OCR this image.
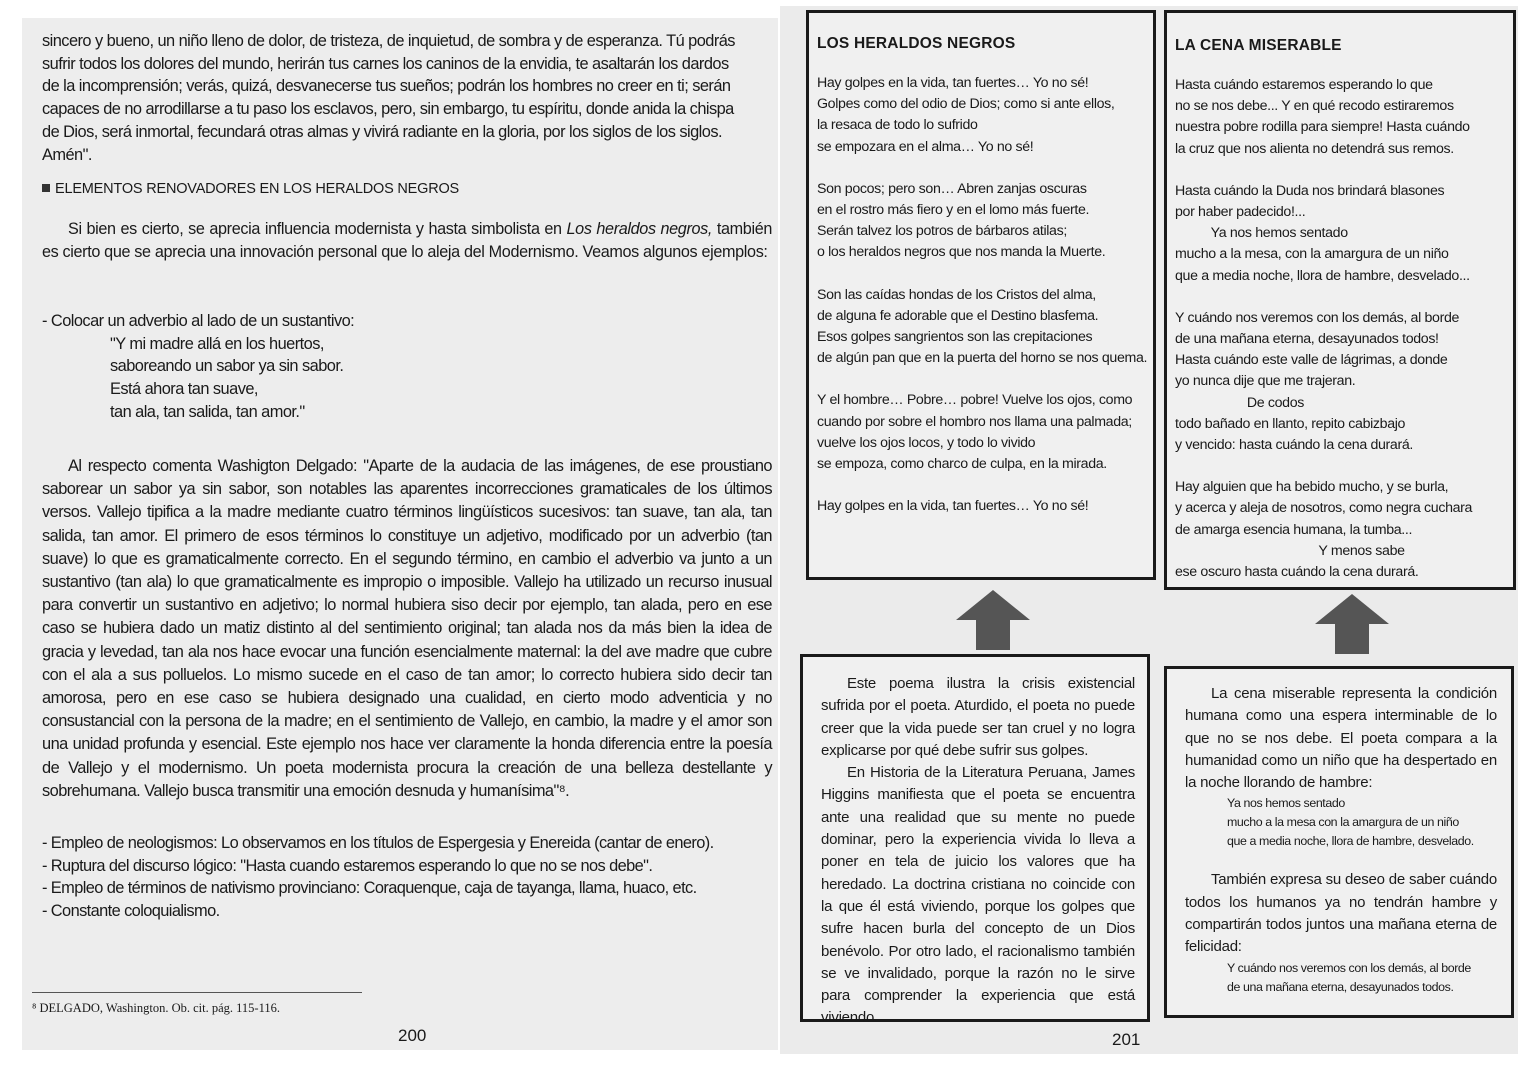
sincero y bueno, un niño lleno de dolor, de tristeza, de inquietud, de sombra y de esperanza. Tú podrás

sufrir todos los dolores del mundo, herirán tus carnes los caninos de la envidia, te asaltarán los dardos

de la incomprensión; verás, quizá, desvanecerse tus sueños; podrán los hombres no creer en ti; serán

capaces de no arrodillarse a tu paso los esclavos, pero, sin embargo, tu espíritu, donde anida la chispa

de Dios, será inmortal, fecundará otras almas y vivirá radiante en la gloria, por los siglos de los siglos.

Amén".

ELEMENTOS RENOVADORES EN LOS HERALDOS NEGROS

Si bien es cierto, se aprecia influencia modernista y hasta simbolista en Los heraldos negros, también es cierto que se aprecia una innovación personal que lo aleja del Modernismo. Veamos algunos ejemplos:

- Colocar un adverbio al lado de un sustantivo:

"Y mi madre allá en los huertos,

saboreando un sabor ya sin sabor.

Está ahora tan suave,

tan ala, tan salida, tan amor."

Al respecto comenta Washigton Delgado: "Aparte de la audacia de las imágenes, de ese proustiano saborear un sabor ya sin sabor, son notables las aparentes incorrecciones gramaticales de los últimos versos. Vallejo tipifica a la madre mediante cuatro términos lingüísticos sucesivos: tan suave, tan ala, tan salida, tan amor. El primero de esos términos lo constituye un adjetivo, modificado por un adverbio (tan suave) lo que es gramaticalmente correcto. En el segundo término, en cambio el adverbio va junto a un sustantivo (tan ala) lo que gramaticalmente es impropio o imposible. Vallejo ha utilizado un recurso inusual para convertir un sustantivo en adjetivo; lo normal hubiera siso decir por ejemplo, tan alada, pero en ese caso se hubiera dado un matiz distinto al del sentimiento original; tan alada nos da más bien la idea de gracia y levedad, tan ala nos hace evocar una función esencialmente maternal: la del ave madre que cubre con el ala a sus polluelos. Lo mismo sucede en el caso de tan amor; lo correcto hubiera sido decir tan amorosa, pero en ese caso se hubiera designado una cualidad, en cierto modo adventicia y no consustancial con la persona de la madre; en el sentimiento de Vallejo, en cambio, la madre y el amor son una unidad profunda y esencial. Este ejemplo nos hace ver claramente la honda diferencia entre la poesía de Vallejo y el modernismo. Un poeta modernista procura la creación de una belleza destellante y sobrehumana. Vallejo busca transmitir una emoción desnuda y humanísima"⁸.

- Empleo de neologismos: Lo observamos en los títulos de Espergesia y Enereida (cantar de enero).

- Ruptura del discurso lógico: "Hasta cuando estaremos esperando lo que no se nos debe".

- Empleo de términos de nativismo provinciano: Coraquenque, caja de tayanga, llama, huaco, etc.

- Constante coloquialismo.

⁸ DELGADO, Washington. Ob. cit. pág. 115-116.
200
LOS HERALDOS NEGROS
Hay golpes en la vida, tan fuertes… Yo no sé!
Golpes como del odio de Dios; como si ante ellos,
la resaca de todo lo sufrido
se empozara en el alma… Yo no sé!
Son pocos; pero son… Abren zanjas oscuras
en el rostro más fiero y en el lomo más fuerte.
Serán talvez los potros de bárbaros atilas;
o los heraldos negros que nos manda la Muerte.
Son las caídas hondas de los Cristos del alma,
de alguna fe adorable que el Destino blasfema.
Esos golpes sangrientos son las crepitaciones
de algún pan que en la puerta del horno se nos quema.
Y el hombre… Pobre… pobre! Vuelve los ojos, como
cuando por sobre el hombro nos llama una palmada;
vuelve los ojos locos, y todo lo vivido
se empoza, como charco de culpa, en la mirada.
Hay golpes en la vida, tan fuertes… Yo no sé!
LA CENA MISERABLE
Hasta cuándo estaremos esperando lo que
no se nos debe... Y en qué recodo estiraremos
nuestra pobre rodilla para siempre! Hasta cuándo
la cruz que nos alienta no detendrá sus remos.
Hasta cuándo la Duda nos brindará blasones
por haber padecido!...
Ya nos hemos sentado
mucho a la mesa, con la amargura de un niño
que a media noche, llora de hambre, desvelado...
Y cuándo nos veremos con los demás, al borde
de una mañana eterna, desayunados todos!
Hasta cuándo este valle de lágrimas, a donde
yo nunca dije que me trajeran.
De codos
todo bañado en llanto, repito cabizbajo
y vencido: hasta cuándo la cena durará.
Hay alguien que ha bebido mucho, y se burla,
y acerca y aleja de nosotros, como negra cuchara
de amarga esencia humana, la tumba...
Y menos sabe
ese oscuro hasta cuándo la cena durará.

Este poema ilustra la crisis existencial sufrida por el poeta. Aturdido, el poeta no puede creer que la vida puede ser tan cruel y no logra explicarse por qué debe sufrir sus golpes.

En Historia de la Literatura Peruana, James Higgins manifiesta que el poeta se encuentra ante una realidad que su mente no puede dominar, pero la experiencia vivida lo lleva a poner en tela de juicio los valores que ha heredado. La doctrina cristiana no coincide con la que él está viviendo, porque los golpes que sufre hacen burla del concepto de un Dios benévolo. Por otro lado, el racionalismo también se ve invalidado, porque la razón no le sirve para comprender la experiencia que está viviendo.

La cena miserable representa la condición humana como una espera interminable de lo que no se nos debe. El poeta compara a la humanidad como un niño que ha despertado en la noche llorando de hambre:

Ya nos hemos sentado
mucho a la mesa con la amargura de un niño
que a media noche, llora de hambre, desvelado.

También expresa su deseo de saber cuándo todos los humanos ya no tendrán hambre y compartirán todos juntos una mañana eterna de felicidad:

Y cuándo nos veremos con los demás, al borde
de una mañana eterna, desayunados todos.
201
